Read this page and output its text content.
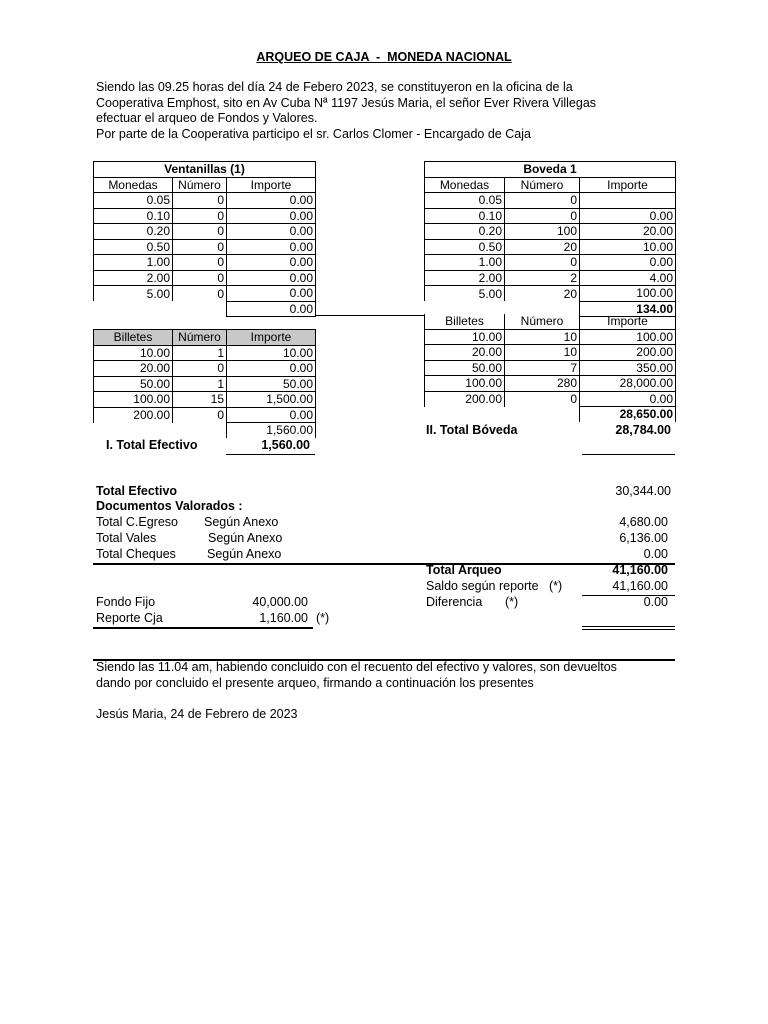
ARQUEO DE CAJA  -  MONEDA NACIONAL
Siendo las 09.25 horas del día 24 de Febero 2023, se constituyeron en la oficina de la
Cooperativa Emphost, sito en Av Cuba Nª 1197 Jesús Maria, el señor Ever Rivera Villegas
efectuar el arqueo de Fondos y Valores.
Por parte de la Cooperativa participo el sr. Carlos Clomer - Encargado de Caja
Ventanillas (1)		
Monedas	Número	Importe
0.05	0	0.00
0.10	0	0.00
0.20	0	0.00
0.50	0	0.00
1.00	0	0.00
2.00	0	0.00
5.00	0	0.00
		0.00
Billetes	Número	Importe
10.00	1	10.00
20.00	0	0.00
50.00	1	50.00
100.00	15	1,500.00
200.00	0	0.00
		1,560.00
I. Total Efectivo	1,560.00
Boveda 1		
Monedas	Número	Importe
0.05	0	
0.10	0	0.00
0.20	100	20.00
0.50	20	10.00
1.00	0	0.00
2.00	2	4.00
5.00	20	100.00
		134.00
Billetes	Número	Importe
10.00	10	100.00
20.00	10	200.00
50.00	7	350.00
100.00	280	28,000.00
200.00	0	0.00
		28,650.00
II. Total Bóveda	28,784.00
Total Efectivo	30,344.00
Documentos Valorados :
Total C.Egreso Según Anexo	4,680.00
Total Vales	Según Anexo	6,136.00
Total Cheques Según Anexo	0.00
Total Arqueo	41,160.00
Saldo según reporte (*)	41,160.00
Diferencia (*)	0.00
Fondo Fijo	40,000.00
Reporte Cja	1,160.00 (*)
Siendo las 11.04 am, habiendo concluido con el recuento del efectivo y valores, son devueltos
dando por concluido el presente arqueo, firmando a continuación los presentes
Jesús Maria, 24 de Febrero de 2023
